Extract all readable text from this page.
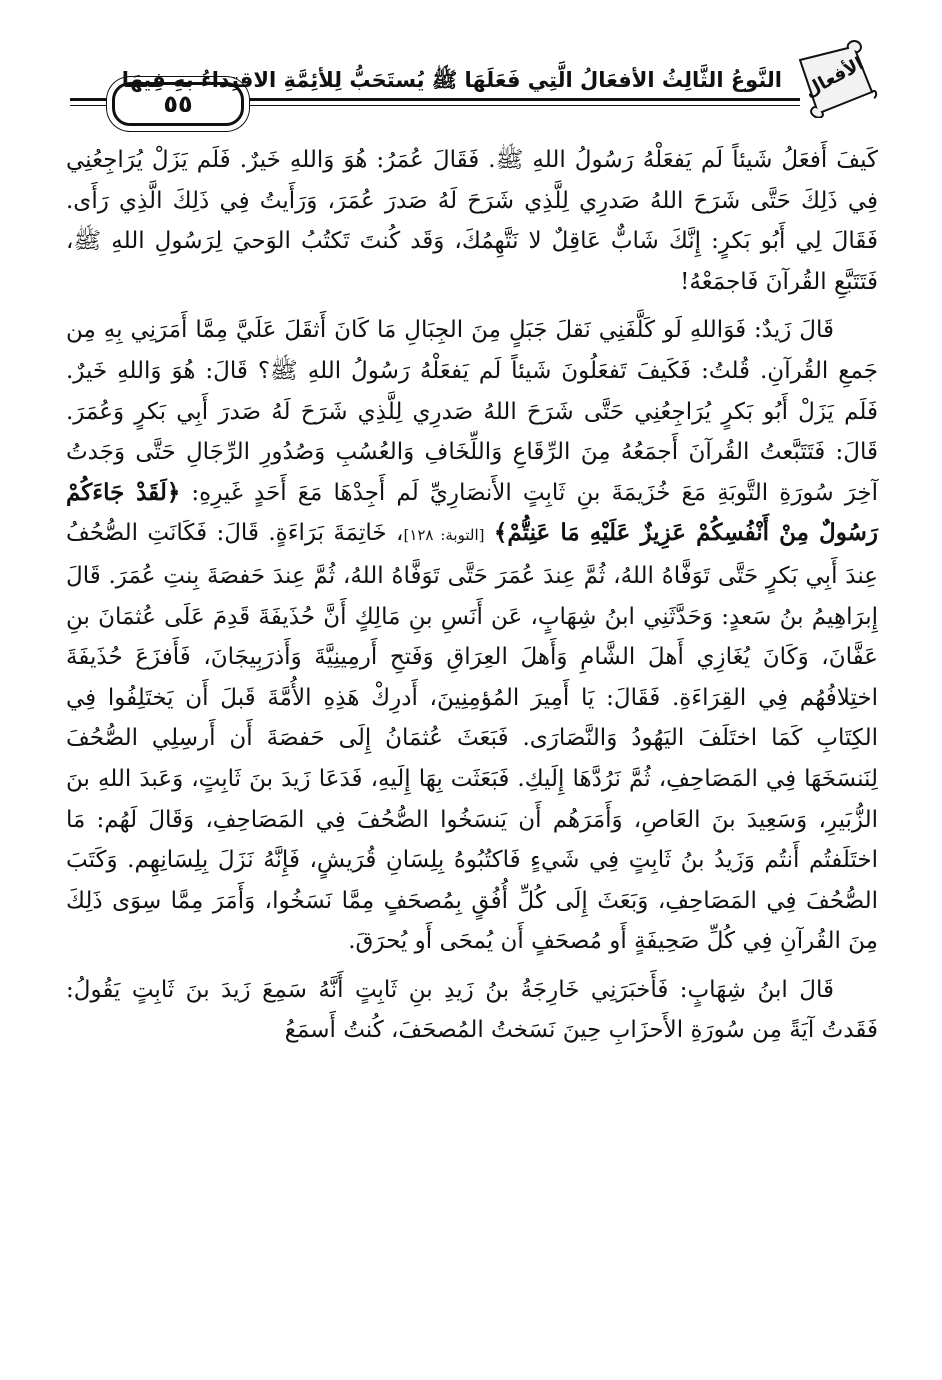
٥٥
النَّوعُ الثَّالِثُ الأفعَالُ الَّتِي فَعَلَهَا ﷺ يُستَحَبُّ لِلأئِمَّةِ الاقتِداءُ بهِ فِيهَا الأفعال

كَيفَ أَفعَلُ شَيئاً لَم يَفعَلْهُ رَسُولُ اللهِ ﷺ. فَقَالَ عُمَرُ: هُوَ وَاللهِ خَيرٌ. فَلَم يَزَلْ يُرَاجِعُنِي فِي ذَلِكَ حَتَّى شَرَحَ اللهُ صَدرِي لِلَّذِي شَرَحَ لَهُ صَدرَ عُمَرَ، وَرَأَيتُ فِي ذَلِكَ الَّذِي رَأَى. فَقَالَ لِي أَبُو بَكرٍ: إِنَّكَ شَابٌّ عَاقِلٌ لا نَتَّهِمُكَ، وَقَد كُنتَ تَكتُبُ الوَحيَ لِرَسُولِ اللهِ ﷺ، فَتَتَبَّعِ القُرآنَ فَاجمَعْهُ!

قَالَ زَيدٌ: فَوَاللهِ لَو كَلَّفَنِي نَقلَ جَبَلٍ مِنَ الجِبَالِ مَا كَانَ أَثقَلَ عَلَيَّ مِمَّا أَمَرَنِي بِهِ مِن جَمعِ القُرآنِ. قُلتُ: فَكَيفَ تَفعَلُونَ شَيئاً لَم يَفعَلْهُ رَسُولُ اللهِ ﷺ؟ قَالَ: هُوَ وَاللهِ خَيرٌ. فَلَم يَزَلْ أَبُو بَكرٍ يُرَاجِعُنِي حَتَّى شَرَحَ اللهُ صَدرِي لِلَّذِي شَرَحَ لَهُ صَدرَ أَبِي بَكرٍ وَعُمَرَ. قَالَ: فَتَتَبَّعتُ القُرآنَ أَجمَعُهُ مِنَ الرِّقَاعِ وَاللِّخَافِ وَالعُسُبِ وَصُدُورِ الرِّجَالِ حَتَّى وَجَدتُ آخِرَ سُورَةِ التَّوبَةِ مَعَ خُزَيمَةَ بنِ ثَابِتٍ الأَنصَارِيِّ لَم أَجِدْهَا مَعَ أَحَدٍ غَيرِهِ: ﴿لَقَدْ جَاءَكُمْ رَسُولٌ مِنْ أَنْفُسِكُمْ عَزِيزٌ عَلَيْهِ مَا عَنِتُّمْ﴾ [التوبة: ١٢٨]، خَاتِمَةَ بَرَاءَةٍ. قَالَ: فَكَانَتِ الصُّحُفُ عِندَ أَبِي بَكرٍ حَتَّى تَوَفَّاهُ اللهُ، ثُمَّ عِندَ عُمَرَ حَتَّى تَوَفَّاهُ اللهُ، ثُمَّ عِندَ حَفصَةَ بِنتِ عُمَرَ. قَالَ إِبرَاهِيمُ بنُ سَعدٍ: وَحَدَّثَنِي ابنُ شِهَابٍ، عَن أَنَسِ بنِ مَالِكٍ أَنَّ حُذَيفَةَ قَدِمَ عَلَى عُثمَانَ بنِ عَفَّانَ، وَكَانَ يُغَازِي أَهلَ الشَّامِ وَأَهلَ العِرَاقِ وَفَتحِ أَرمِينِيَّةَ وَأَذرَبِيجَانَ، فَأَفزَعَ حُذَيفَةَ اختِلافُهُم فِي القِرَاءَةِ. فَقَالَ: يَا أَمِيرَ المُؤمِنِينَ، أَدرِكْ هَذِهِ الأُمَّةَ قَبلَ أَن يَختَلِفُوا فِي الكِتَابِ كَمَا اختَلَفَ اليَهُودُ وَالنَّصَارَى. فَبَعَثَ عُثمَانُ إِلَى حَفصَةَ أَن أَرسِلِي الصُّحُفَ لِنَنسَخَهَا فِي المَصَاحِفِ، ثُمَّ نَرُدَّهَا إِلَيكِ. فَبَعَثَت بِهَا إِلَيهِ، فَدَعَا زَيدَ بنَ ثَابِتٍ، وَعَبدَ اللهِ بنَ الزُّبَيرِ، وَسَعِيدَ بنَ العَاصِ، وَأَمَرَهُم أَن يَنسَخُوا الصُّحُفَ فِي المَصَاحِفِ، وَقَالَ لَهُم: مَا اختَلَفتُم أَنتُم وَزَيدُ بنُ ثَابِتٍ فِي شَيءٍ فَاكتُبُوهُ بِلِسَانِ قُرَيشٍ، فَإِنَّهُ نَزَلَ بِلِسَانِهِم. وَكَتَبَ الصُّحُفَ فِي المَصَاحِفِ، وَبَعَثَ إِلَى كُلِّ أُفُقٍ بِمُصحَفٍ مِمَّا نَسَخُوا، وَأَمَرَ مِمَّا سِوَى ذَلِكَ مِنَ القُرآنِ فِي كُلِّ صَحِيفَةٍ أَو مُصحَفٍ أَن يُمحَى أَو يُحرَقَ.

قَالَ ابنُ شِهَابٍ: فَأَخبَرَنِي خَارِجَةُ بنُ زَيدِ بنِ ثَابِتٍ أَنَّهُ سَمِعَ زَيدَ بنَ ثَابِتٍ يَقُولُ: فَقَدتُ آيَةً مِن سُورَةِ الأَحزَابِ حِينَ نَسَختُ المُصحَفَ، كُنتُ أَسمَعُ
